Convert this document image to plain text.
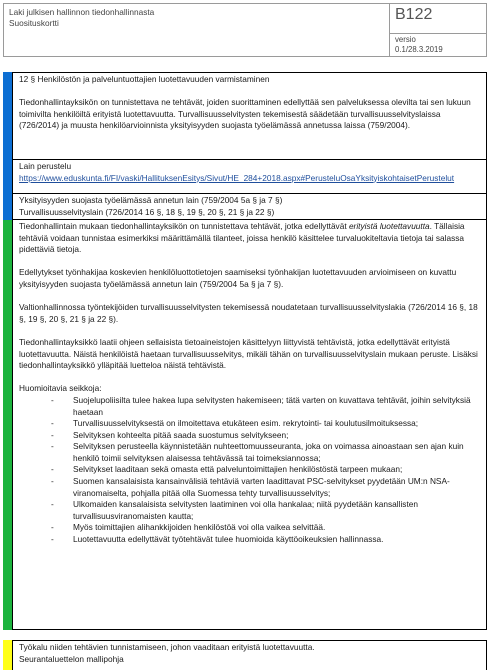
Laki julkisen hallinnon tiedonhallinnasta
Suosituskortti	B122
versio
0.1/28.3.2019

12 § Henkilöstön ja palveluntuottajien luotettavuuden varmistaminen

Tiedonhallintayksikön on tunnistettava ne tehtävät, joiden suorittaminen edellyttää sen palveluksessa olevilta tai sen lukuun toimivilta henkilöiltä erityistä luotettavuutta. Turvallisuusselvitysten tekemisestä säädetään turvallisuusselvityslaissa (726/2014) ja muusta henkilöarvioinnista yksityisyyden suojasta työelämässä annetussa laissa (759/2004).

Lain perustelu

https://www.eduskunta.fi/FI/vaski/HallituksenEsitys/Sivut/HE_284+2018.aspx#PerusteluOsaYksityiskohtaisetPerustelut

Yksityisyyden suojasta työelämässä annetun lain (759/2004 5a § ja 7 §)

Turvallisuusselvityslain (726/2014 16 §, 18 §, 19 §, 20 §, 21 § ja 22 §)

Tiedonhallintain mukaan tiedonhallintayksikön on tunnistettava tehtävät, jotka edellyttävät erityistä luotettavuutta. Tällaisia tehtäviä voidaan tunnistaa esimerkiksi määrittämällä tilanteet, joissa henkilö käsittelee turvaluokiteltavia tietoja tai salassa pidettäviä tietoja.

Edellytykset työnhakijaa koskevien henkilöluottotietojen saamiseksi työnhakijan luotettavuuden arvioimiseen on kuvattu yksityisyyden suojasta työelämässä annetun lain (759/2004 5a § ja 7 §).

Valtionhallinnossa työntekijöiden turvallisuusselvitysten tekemisessä noudatetaan turvallisuusselvityslakia (726/2014 16 §, 18 §, 19 §, 20 §, 21 § ja 22 §).

Tiedonhallintayksikkö laatii ohjeen sellaisista tietoaineistojen käsittelyyn liittyvistä tehtävistä, jotka edellyttävät erityistä luotettavuutta. Näistä henkilöistä haetaan turvallisuusselvitys, mikäli tähän on turvallisuusselvityslain mukaan peruste. Lisäksi tiedonhallintayksikkö ylläpitää luetteloa näistä tehtävistä.

Huomioitavia seikkoja:

- Suojelupoliisilta tulee hakea lupa selvitysten hakemiseen; tätä varten on kuvattava tehtävät, joihin selvityksiä haetaan
- Turvallisuusselvityksestä on ilmoitettava etukäteen esim. rekrytointi- tai koulutusilmoituksessa;
- Selvityksen kohteelta pitää saada suostumus selvitykseen;
- Selvityksen perusteella käynnistetään nuhteettomuusseuranta, joka on voimassa ainoastaan sen ajan kuin henkilö toimii selvityksen alaisessa tehtävässä tai toimeksiannossa;
- Selvitykset laaditaan sekä omasta että palveluntoimittajien henkilöstöstä tarpeen mukaan;
- Suomen kansalaisista kansainvälisiä tehtäviä varten laadittavat PSC-selvitykset pyydetään UM:n NSA-viranomaiselta, pohjalla pitää olla Suomessa tehty turvallisuusselvitys;
- Ulkomaiden kansalaisista selvitysten laatiminen voi olla hankalaa; niitä pyydetään kansallisten turvallisuusviranomaisten kautta;
- Myös toimittajien alihankkijoiden henkilöstöä voi olla vaikea selvittää.
- Luotettavuutta edellyttävät työtehtävät tulee huomioida käyttöoikeuksien hallinnassa.

Työkalu niiden tehtävien tunnistamiseen, johon vaaditaan erityistä luotettavuutta.

Seurantaluettelon mallipohja
